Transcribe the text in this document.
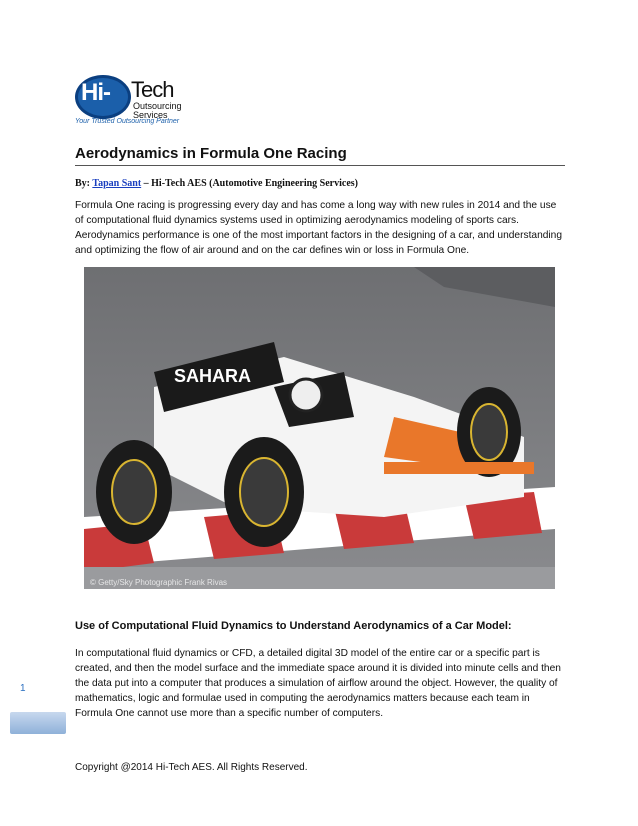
Hi- Tech
Outsourcing
Services
Your Trusted Outsourcing Partner
Aerodynamics in Formula One Racing
By: Tapan Sant – Hi-Tech AES (Automotive Engineering Services)
Formula One racing is progressing every day and has come a long way with new rules in 2014 and the use of computational fluid dynamics systems used in optimizing aerodynamics modeling of sports cars. Aerodynamics performance is one of the most important factors in the designing of a car, and understanding and optimizing the flow of air around and on the car defines win or loss in Formula One.
SAHARA
© Getty/Sky Photographic Frank Rivas
Use of Computational Fluid Dynamics to Understand Aerodynamics of a Car Model:
In computational fluid dynamics or CFD, a detailed digital 3D model of the entire car or a specific part is created, and then the model surface and the immediate space around it is divided into minute cells and then the data put into a computer that produces a simulation of airflow around the object. However, the quality of mathematics, logic and formulae used in computing the aerodynamics matters because each team in Formula One cannot use more than a specific number of computers.
1
Copyright @2014 Hi-Tech AES. All Rights Reserved.
